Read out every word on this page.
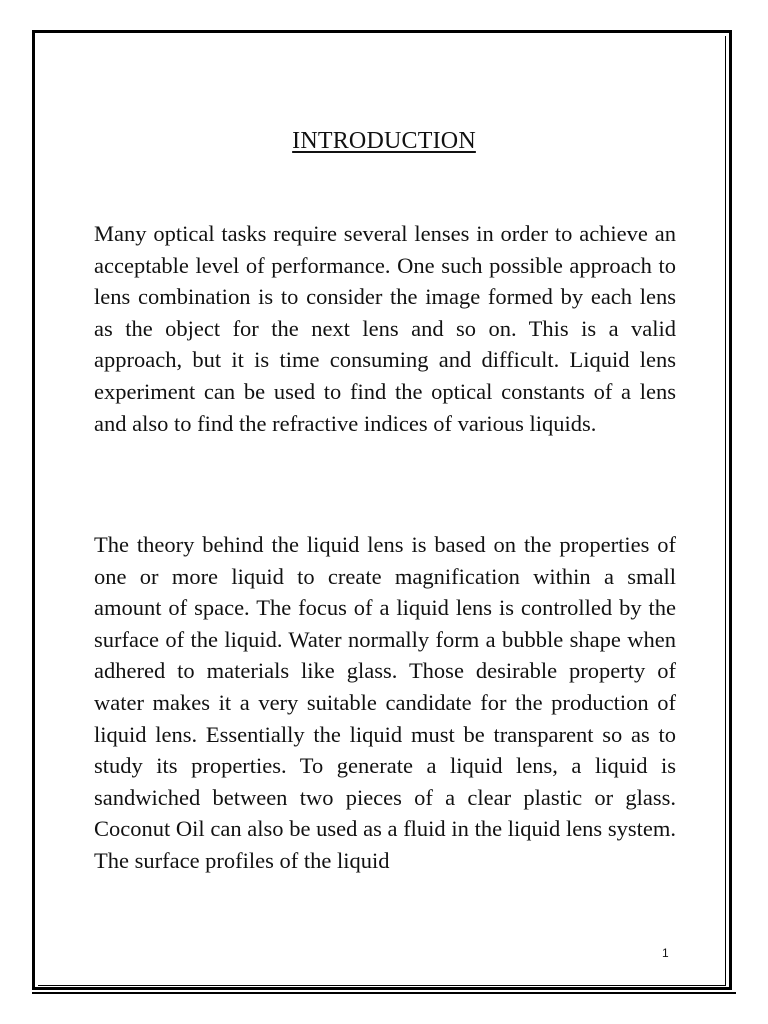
INTRODUCTION

Many optical tasks require several lenses in order to achieve an acceptable level of performance. One such possible approach to lens combination is to consider the image formed by each lens as the object for the next lens and so on. This is a valid approach, but it is time consuming and difficult. Liquid lens experiment can be used to find the optical constants of a lens and also to find the refractive indices of various liquids.

The theory behind the liquid lens is based on the properties of one or more liquid to create magnification within a small amount of space. The focus of a liquid lens is controlled by the surface of the liquid. Water normally form a bubble shape when adhered to materials like glass. Those desirable property of water makes it a very suitable candidate for the production of liquid lens. Essentially the liquid must be transparent so as to study its properties. To generate a liquid lens, a liquid is sandwiched between two pieces of a clear plastic or glass. Coconut Oil can also be used as a fluid in the liquid lens system. The surface profiles of the liquid

1
